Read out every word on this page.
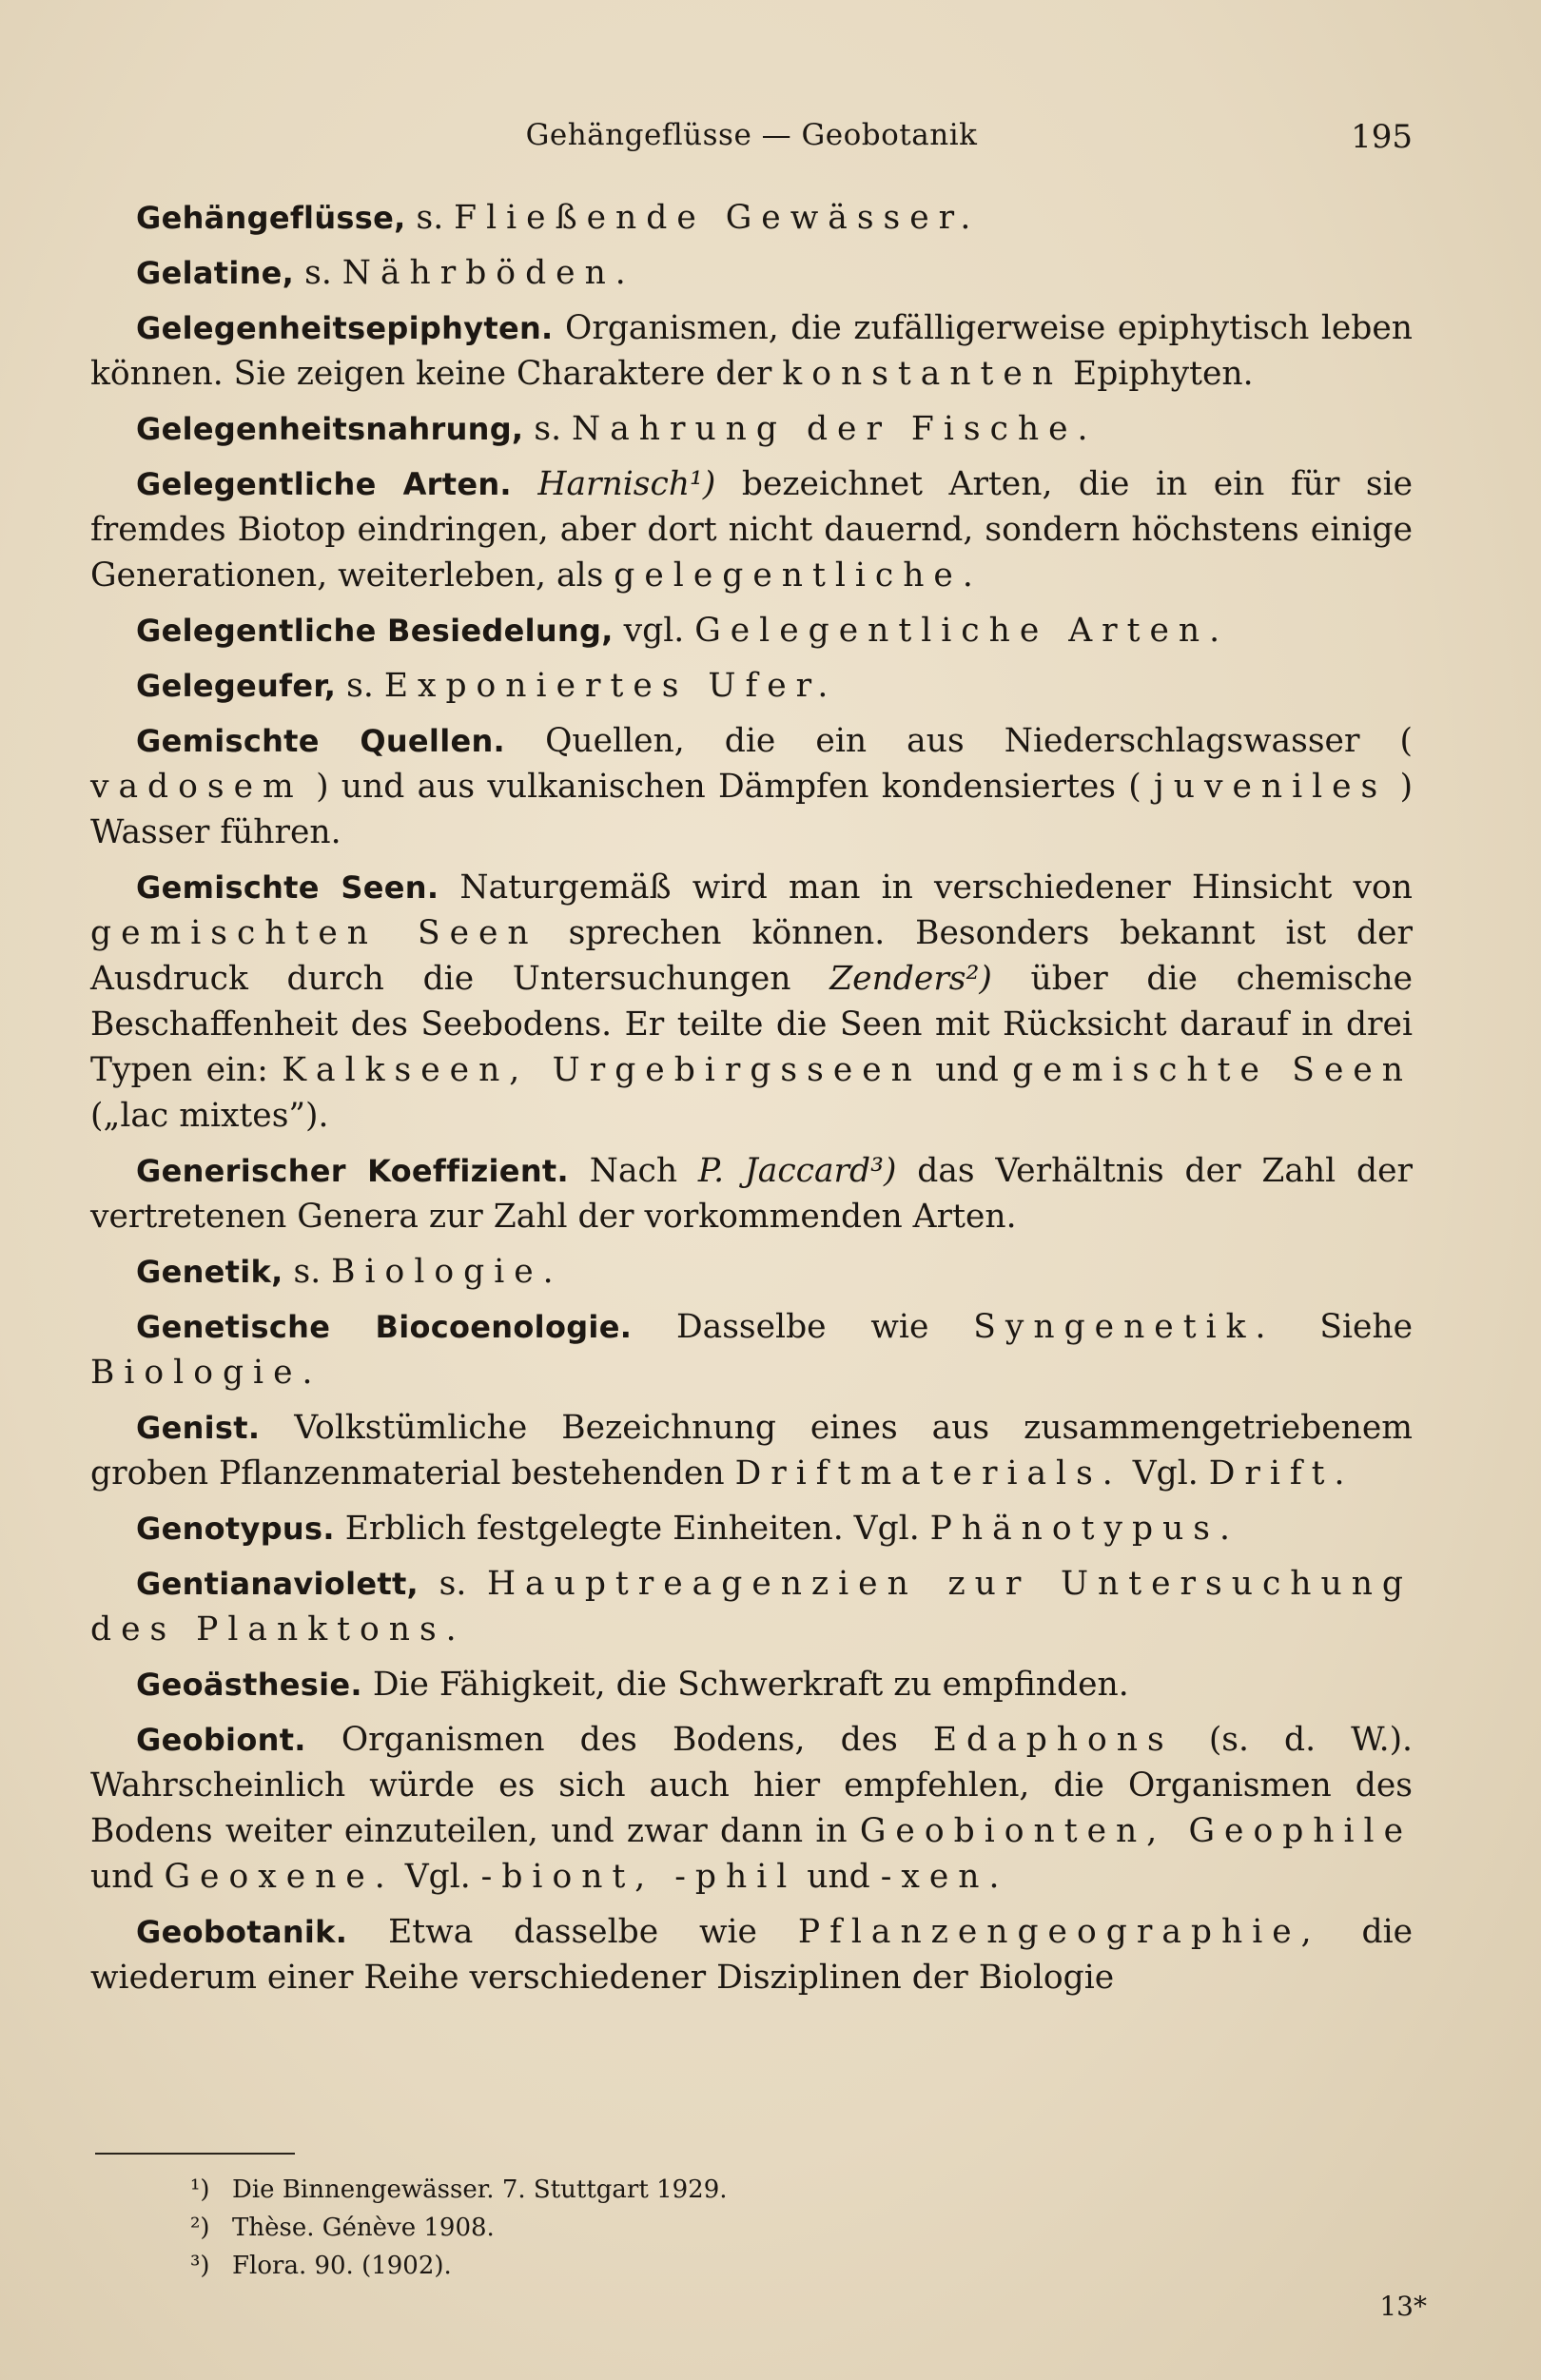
Gehängeflüsse — Geobotanik	195

Gehängeflüsse, s. Fließende Gewässer.

Gelatine, s. Nährböden.

Gelegenheitsepiphyten. Organismen, die zufälligerweise epiphytisch leben können. Sie zeigen keine Charaktere der konstanten Epiphyten.

Gelegenheitsnahrung, s. Nahrung der Fische.

Gelegentliche Arten. Harnisch¹) bezeichnet Arten, die in ein für sie fremdes Biotop eindringen, aber dort nicht dauernd, sondern höchstens einige Generationen, weiterleben, als gelegentliche.

Gelegentliche Besiedelung, vgl. Gelegentliche Arten.

Gelegeufer, s. Exponiertes Ufer.

Gemischte Quellen. Quellen, die ein aus Niederschlagswasser ( vadosem ) und aus vulkanischen Dämpfen kondensiertes ( juveniles ) Wasser führen.

Gemischte Seen. Naturgemäß wird man in verschiedener Hinsicht von gemischten Seen sprechen können. Besonders bekannt ist der Ausdruck durch die Untersuchungen Zenders²) über die chemische Beschaffenheit des Seebodens. Er teilte die Seen mit Rücksicht darauf in drei Typen ein: Kalkseen, Urgebirgsseen und gemischte Seen („lac mixtes”).

Generischer Koeffizient. Nach P. Jaccard³) das Verhältnis der Zahl der vertretenen Genera zur Zahl der vorkommenden Arten.

Genetik, s. Biologie.

Genetische Biocoenologie. Dasselbe wie Syngenetik. Siehe Biologie.

Genist. Volkstümliche Bezeichnung eines aus zusammengetriebenem groben Pflanzenmaterial bestehenden Driftmaterials. Vgl. Drift.

Genotypus. Erblich festgelegte Einheiten. Vgl. Phänotypus.

Gentianaviolett, s. Hauptreagenzien zur Untersuchung des Planktons.

Geoästhesie. Die Fähigkeit, die Schwerkraft zu empfinden.

Geobiont. Organismen des Bodens, des Edaphons (s. d. W.). Wahrscheinlich würde es sich auch hier empfehlen, die Organismen des Bodens weiter einzuteilen, und zwar dann in Geobionten, Geophile und Geoxene. Vgl. -biont, -phil und -xen.

Geobotanik. Etwa dasselbe wie Pflanzengeographie, die wiederum einer Reihe verschiedener Disziplinen der Biologie

¹) Die Binnengewässer. 7. Stuttgart 1929.
²) Thèse. Génève 1908.
³) Flora. 90. (1902).
13*
